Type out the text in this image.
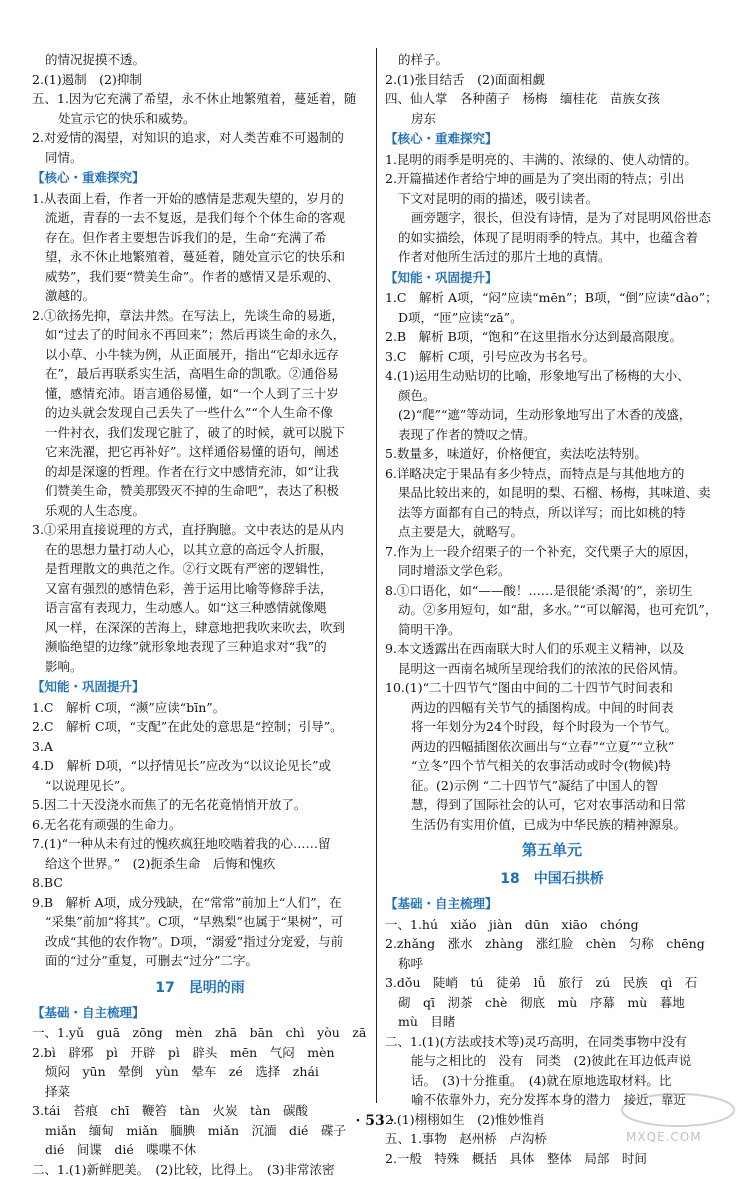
的情况捉摸不透。
2.(1)遏制　(2)抑制
五、1.因为它充满了希望，永不休止地繁殖着，蔓延着，随
处宣示它的快乐和威势。
2.对爱情的渴望，对知识的追求，对人类苦难不可遏制的
同情。
【核心・重难探究】
1.从表面上看，作者一开始的感情是悲观失望的，岁月的
流逝，青春的一去不复返，是我们每个个体生命的客观
存在。但作者主要想告诉我们的是，生命“充满了希
望，永不休止地繁殖着，蔓延着，随处宣示它的快乐和
威势”，我们要“赞美生命”。作者的感情又是乐观的、
激越的。
2.①欲扬先抑，章法井然。在写法上，先谈生命的易逝，
如“过去了的时间永不再回来”；然后再谈生命的永久，
以小草、小牛犊为例，从正面展开，指出“它却永远存
在”，最后再联系实生活，高唱生命的凯歌。②通俗易
懂，感情充沛。语言通俗易懂，如“一个人到了三十岁
的边头就会发现自己丢失了一些什么”“个人生命不像
一件衬衣，我们发现它脏了，破了的时候，就可以脱下
它来洗濯，把它再补好”。这样通俗易懂的语句，阐述
的却是深邃的哲理。作者在行文中感情充沛，如“让我
们赞美生命，赞美那毁灭不掉的生命吧”，表达了积极
乐观的人生态度。
3.①采用直接说理的方式，直抒胸臆。文中表达的是从内
在的思想力量打动人心，以其立意的高远令人折服，
是哲理散文的典范之作。②行文既有严密的逻辑性，
又富有强烈的感情色彩，善于运用比喻等修辞手法，
语言富有表现力，生动感人。如“这三种感情就像飓
风一样，在深深的苦海上，肆意地把我吹来吹去，吹到
濒临绝望的边缘”就形象地表现了三种追求对“我”的
影响。
【知能・巩固提升】
1.C　解析 C项，“濒”应读“bīn”。
2.C　解析 C项，“支配”在此处的意思是“控制；引导”。
3.A
4.D　解析 D项，“以抒情见长”应改为“以议论见长”或
“以说理见长”。
5.因二十天没浇水而焦了的无名花竟悄悄开放了。
6.无名花有顽强的生命力。
7.(1)“一种从未有过的愧疚疯狂地咬啮着我的心……留
给这个世界。”　(2)扼杀生命　后悔和愧疚
8.BC
9.B　解析 A项，成分残缺，在“常常”前加上“人们”，在
“采集”前加“将其”。C项，“早熟梨”也属于“果树”，可
改成“其他的农作物”。D项，“溺爱”指过分宠爱，与前
面的“过分”重复，可删去“过分”二字。
17　昆明的雨
【基础・自主梳理】
一、1.yǔ　guā　zōng　mèn　zhā　bān　chì　yòu　zā
2.bì　辟邪　pì　开辟　pì　辟头　mēn　气闷　mèn
烦闷　yūn　晕倒　yùn　晕车　zé　选择　zhái
择菜
3.tái　苔痕　chī　鞭笞　tàn　火炭　tàn　碳酸
miǎn　缅甸　miǎn　腼腆　miǎn　沉湎　dié　碟子
dié　间谍　dié　喋喋不休
二、1.(1)新鲜肥美。　(2)比较，比得上。　(3)非常浓密
的样子。
2.(1)张目结舌　(2)面面相觑
四、仙人掌　各种菌子　杨梅　缅桂花　苗族女孩
房东
【核心・重难探究】
1.昆明的雨季是明亮的、丰满的、浓绿的、使人动情的。
2.开篇描述作者给宁坤的画是为了突出雨的特点；引出
下文对昆明的雨的描述，吸引读者。
画旁题字，很长，但没有诗情，是为了对昆明风俗世态
的如实描绘，体现了昆明雨季的特点。其中，也蕴含着
作者对他所生活过的那片土地的真情。
【知能・巩固提升】
1.C　解析 A项，“闷”应读“mēn”；B项，“倒”应读“dào”；
D项，“匝”应读“zā”。
2.B　解析 B项，“饱和”在这里指水分达到最高限度。
3.C　解析 C项，引号应改为书名号。
4.(1)运用生动贴切的比喻，形象地写出了杨梅的大小、
颜色。
(2)“爬”“遮”等动词，生动形象地写出了木香的茂盛，
表现了作者的赞叹之情。
5.数量多，味道好，价格便宜，卖法吃法特别。
6.详略决定于果品有多少特点，而特点是与其他地方的
果品比较出来的，如昆明的梨、石榴、杨梅，其味道、卖
法等方面都有自己的特点，所以详写；而比如桃的特
点主要是大，就略写。
7.作为上一段介绍栗子的一个补充，交代栗子大的原因，
同时增添文学色彩。
8.①口语化，如“——酸！……是很能‘杀渴’的”，亲切生
动。②多用短句，如“甜，多水。”“可以解渴，也可充饥”，
简明干净。
9.本文透露出在西南联大时人们的乐观主义精神，以及
昆明这一西南名城所呈现给我们的浓浓的民俗风情。
10.(1)“二十四节气”图由中间的二十四节气时间表和
两边的四幅有关节气的插图构成。中间的时间表
将一年划分为24个时段，每个时段为一个节气。
两边的四幅插图依次画出与“立春”“立夏”“立秋”
“立冬”四个节气相关的农事活动或时令(物候)特
征。(2)示例 “二十四节气”凝结了中国人的智
慧，得到了国际社会的认可，它对农事活动和日常
生活仍有实用价值，已成为中华民族的精神源泉。
第五单元
18　中国石拱桥
【基础・自主梳理】
一、1.hú　xiǎo　jiàn　dūn　xiāo　chóng
2.zhǎng　涨水　zhàng　涨红脸　chèn　匀称　chēng
称呼
3.dǒu　陡峭　tú　徒弟　lǚ　旅行　zú　民族　qì　石
砌　qī　沏茶　chè　彻底　mù　序幕　mù　暮地
mù　目睹
二、1.(1)(方法或技术等)灵巧高明，在同类事物中没有
能与之相比的　没有　同类　(2)彼此在耳边低声说
话。　(3)十分推重。　(4)就在原地选取材料。比
喻不依靠外力，充分发挥本身的潜力　接近，靠近
2.(1)栩栩如生　(2)惟妙惟肖
五、1.事物　赵州桥　卢沟桥
2.一般　特殊　概括　具体　整体　局部　时间
· 53 ·
MXQE.COM
